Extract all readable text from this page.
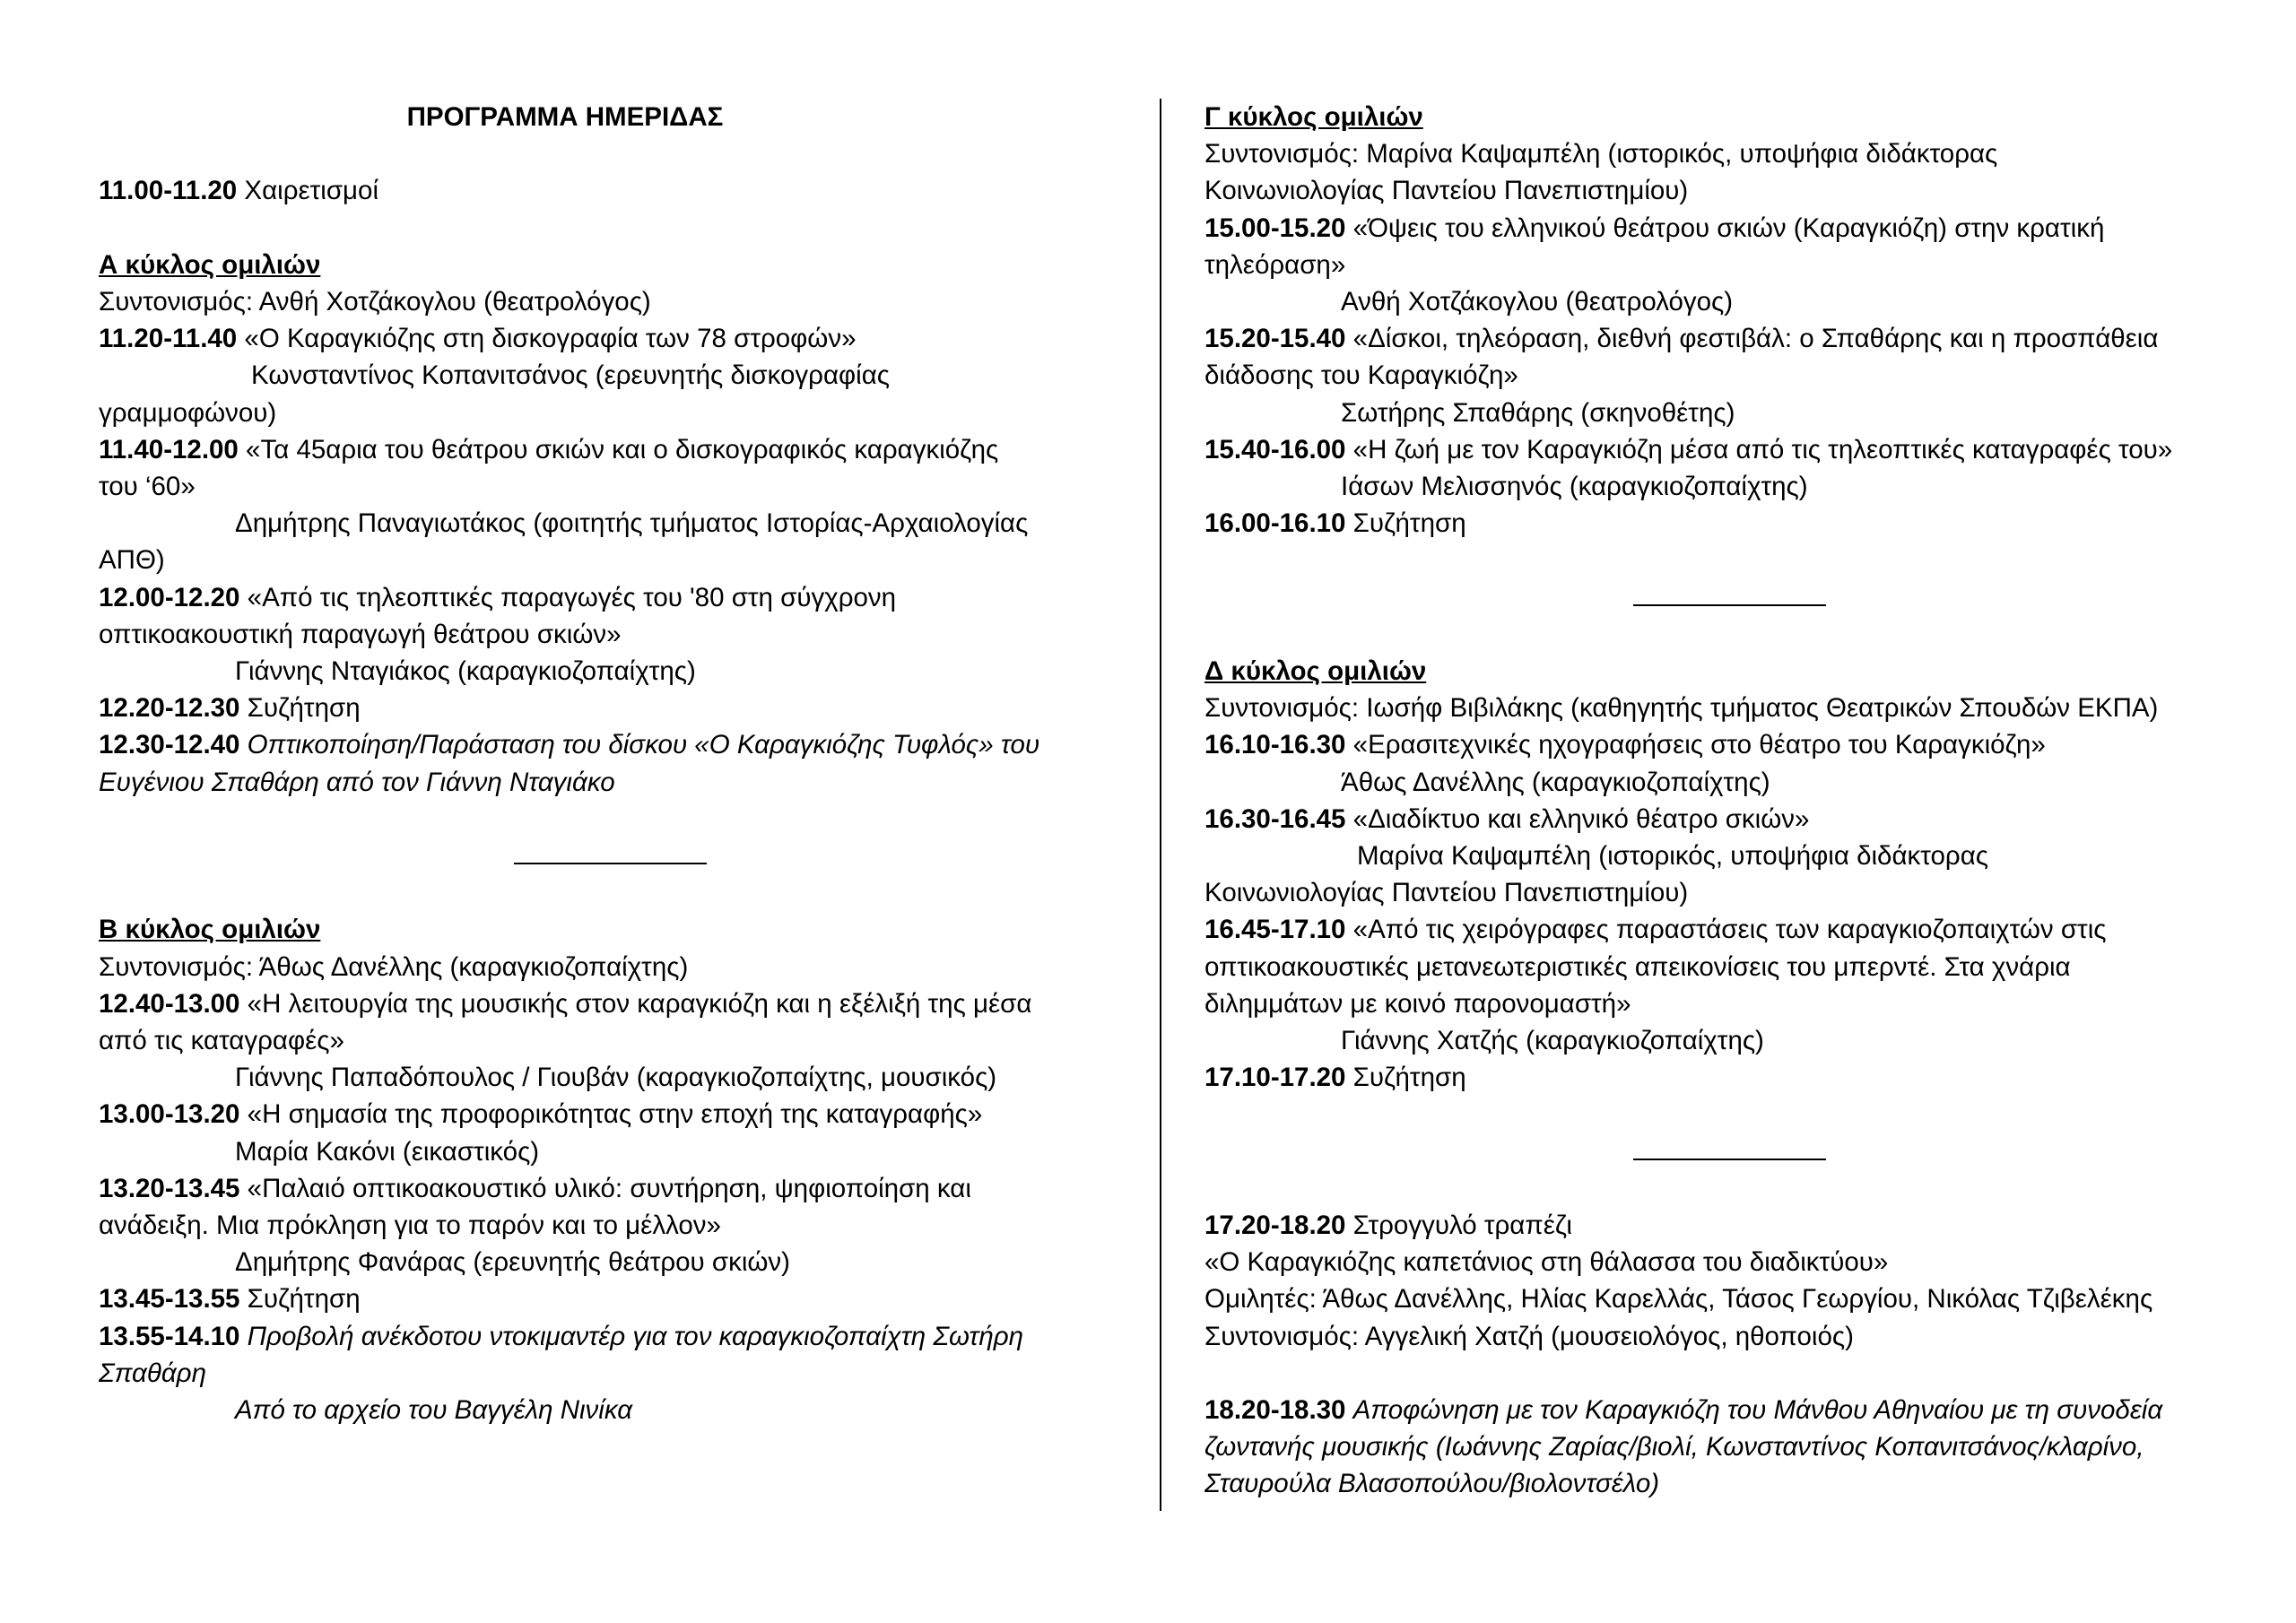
ΠΡΟΓΡΑΜΜΑ ΗΜΕΡΙΔΑΣ
11.00-11.20 Χαιρετισμοί
Α κύκλος ομιλιών
Συντονισμός: Ανθή Χοτζάκογλου (θεατρολόγος)
11.20-11.40 «Ο Καραγκιόζης στη δισκογραφία των 78 στροφών»
Κωνσταντίνος Κοπανιτσάνος (ερευνητής δισκογραφίας
γραμμοφώνου)
11.40-12.00 «Τα 45αρια του θεάτρου σκιών και ο δισκογραφικός καραγκιόζης
του ‘60»
Δημήτρης Παναγιωτάκος (φοιτητής τμήματος Ιστορίας-Αρχαιολογίας
ΑΠΘ)
12.00-12.20 «Από τις τηλεοπτικές παραγωγές του '80 στη σύγχρονη
οπτικοακουστική παραγωγή θεάτρου σκιών»
Γιάννης Νταγιάκος (καραγκιοζοπαίχτης)
12.20-12.30 Συζήτηση
12.30-12.40 Οπτικοποίηση/Παράσταση του δίσκου «Ο Καραγκιόζης Τυφλός» του
Ευγένιου Σπαθάρη από τον Γιάννη Νταγιάκο
Β κύκλος ομιλιών
Συντονισμός: Άθως Δανέλλης (καραγκιοζοπαίχτης)
12.40-13.00 «Η λειτουργία της μουσικής στον καραγκιόζη και η εξέλιξή της μέσα
από τις καταγραφές»
Γιάννης Παπαδόπουλος / Γιουβάν (καραγκιοζοπαίχτης, μουσικός)
13.00-13.20 «Η σημασία της προφορικότητας στην εποχή της καταγραφής»
Μαρία Κακόνι (εικαστικός)
13.20-13.45 «Παλαιό οπτικοακουστικό υλικό: συντήρηση, ψηφιοποίηση και
ανάδειξη. Μια πρόκληση για το παρόν και το μέλλον»
Δημήτρης Φανάρας (ερευνητής θεάτρου σκιών)
13.45-13.55 Συζήτηση
13.55-14.10 Προβολή ανέκδοτου ντοκιμαντέρ για τον καραγκιοζοπαίχτη Σωτήρη
Σπαθάρη
Από το αρχείο του Βαγγέλη Νινίκα
Γ κύκλος ομιλιών
Συντονισμός: Μαρίνα Καψαμπέλη (ιστορικός, υποψήφια διδάκτορας
Κοινωνιολογίας Παντείου Πανεπιστημίου)
15.00-15.20 «Όψεις του ελληνικού θεάτρου σκιών (Καραγκιόζη) στην κρατική
τηλεόραση»
Ανθή Χοτζάκογλου (θεατρολόγος)
15.20-15.40 «Δίσκοι, τηλεόραση, διεθνή φεστιβάλ: ο Σπαθάρης και η προσπάθεια
διάδοσης του Καραγκιόζη»
Σωτήρης Σπαθάρης (σκηνοθέτης)
15.40-16.00 «Η ζωή με τον Καραγκιόζη μέσα από τις τηλεοπτικές καταγραφές του»
Ιάσων Μελισσηνός (καραγκιοζοπαίχτης)
16.00-16.10 Συζήτηση
Δ κύκλος ομιλιών
Συντονισμός: Ιωσήφ Βιβιλάκης (καθηγητής τμήματος Θεατρικών Σπουδών ΕΚΠΑ)
16.10-16.30 «Ερασιτεχνικές ηχογραφήσεις στο θέατρο του Καραγκιόζη»
Άθως Δανέλλης (καραγκιοζοπαίχτης)
16.30-16.45 «Διαδίκτυο και ελληνικό θέατρο σκιών»
Μαρίνα Καψαμπέλη (ιστορικός, υποψήφια διδάκτορας
Κοινωνιολογίας Παντείου Πανεπιστημίου)
16.45-17.10 «Από τις χειρόγραφες παραστάσεις των καραγκιοζοπαιχτών στις
οπτικοακουστικές μετανεωτεριστικές απεικονίσεις του μπερντέ. Στα χνάρια
διλημμάτων με κοινό παρονομαστή»
Γιάννης Χατζής (καραγκιοζοπαίχτης)
17.10-17.20 Συζήτηση
17.20-18.20 Στρογγυλό τραπέζι
«Ο Καραγκιόζης καπετάνιος στη θάλασσα του διαδικτύου»
Ομιλητές: Άθως Δανέλλης, Ηλίας Καρελλάς, Τάσος Γεωργίου, Νικόλας Τζιβελέκης
Συντονισμός: Αγγελική Χατζή (μουσειολόγος, ηθοποιός)
18.20-18.30 Αποφώνηση με τον Καραγκιόζη του Μάνθου Αθηναίου με τη συνοδεία
ζωντανής μουσικής (Ιωάννης Ζαρίας/βιολί, Κωνσταντίνος Κοπανιτσάνος/κλαρίνο,
Σταυρούλα Βλασοπούλου/βιολοντσέλο)
